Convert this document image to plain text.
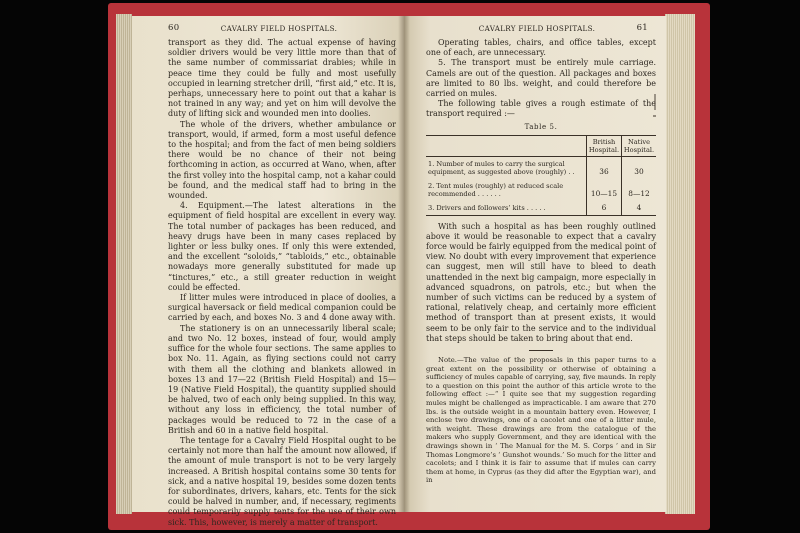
60	CAVALRY FIELD HOSPITALS.

transport as they did. The actual expense of having soldier drivers would be very little more than that of the same number of commissariat drabies; while in peace time they could be fully and most usefully occupied in learning stretcher drill, “first aid,” etc. It is, perhaps, unnecessary here to point out that a kahar is not trained in any way; and yet on him will devolve the duty of lifting sick and wounded men into doolies.

The whole of the drivers, whether ambulance or transport, would, if armed, form a most useful defence to the hospital; and from the fact of men being soldiers there would be no chance of their not being forthcoming in action, as occurred at Wano, when, after the first volley into the hospital camp, not a kahar could be found, and the medical staff had to bring in the wounded.

4. Equipment.—The latest alterations in the equipment of field hospital are excellent in every way. The total number of packages has been reduced, and heavy drugs have been in many cases replaced by lighter or less bulky ones. If only this were extended, and the excellent “soloids,” “tabloids,” etc., obtainable nowadays more generally substituted for made up “tinctures,” etc., a still greater reduction in weight could be effected.

If litter mules were introduced in place of doolies, a surgical haversack or field medical companion could be carried by each, and boxes No. 3 and 4 done away with.

The stationery is on an unnecessarily liberal scale; and two No. 12 boxes, instead of four, would amply suffice for the whole four sections. The same applies to box No. 11. Again, as flying sections could not carry with them all the clothing and blankets allowed in boxes 13 and 17—22 (British Field Hospital) and 15—19 (Native Field Hospital), the quantity supplied should be halved, two of each only being supplied. In this way, without any loss in efficiency, the total number of packages would be reduced to 72 in the case of a British and 60 in a native field hospital.

The tentage for a Cavalry Field Hospital ought to be certainly not more than half the amount now allowed, if the amount of mule transport is not to be very largely increased. A British hospital contains some 30 tents for sick, and a native hospital 19, besides some dozen tents for subordinates, drivers, kahars, etc. Tents for the sick could be halved in number, and, if necessary, regiments could temporarily supply tents for the use of their own sick. This, however, is merely a matter of transport.

CAVALRY FIELD HOSPITALS.	61

Operating tables, chairs, and office tables, except one of each, are unnecessary.

5. The transport must be entirely mule carriage. Camels are out of the question. All packages and boxes are limited to 80 lbs. weight, and could therefore be carried on mules.

The following table gives a rough estimate of the transport required :—

Table 5.
	British Hospital.	Native Hospital.
1. Number of mules to carry the surgical equipment, as suggested above (roughly) . .	36	30
2. Tent mules (roughly) at reduced scale recommended . . . . . .	10—15	8—12
3. Drivers and followers’ kits . . . . .	6	4

With such a hospital as has been roughly outlined above it would be reasonable to expect that a cavalry force would be fairly equipped from the medical point of view. No doubt with every improvement that experience can suggest, men will still have to bleed to death unattended in the next big campaign, more especially in advanced squadrons, on patrols, etc.; but when the number of such victims can be reduced by a system of rational, relatively cheap, and certainly more efficient method of transport than at present exists, it would seem to be only fair to the service and to the individual that steps should be taken to bring about that end.

Note.—The value of the proposals in this paper turns to a great extent on the possibility or otherwise of obtaining a sufficiency of mules capable of carrying, say, five maunds. In reply to a question on this point the author of this article wrote to the following effect :—“ I quite see that my suggestion regarding mules might be challenged as impracticable. I am aware that 270 lbs. is the outside weight in a mountain battery even. However, I enclose two drawings, one of a cacolet and one of a litter mule, with weight. These drawings are from the catalogue of the makers who supply Government, and they are identical with the drawings shown in ‘ The Manual for the M. S. Corps ’ and in Sir Thomas Longmore’s ‘ Gunshot wounds.’ So much for the litter and cacolets; and I think it is fair to assume that if mules can carry them at home, in Cyprus (as they did after the Egyptian war), and in
